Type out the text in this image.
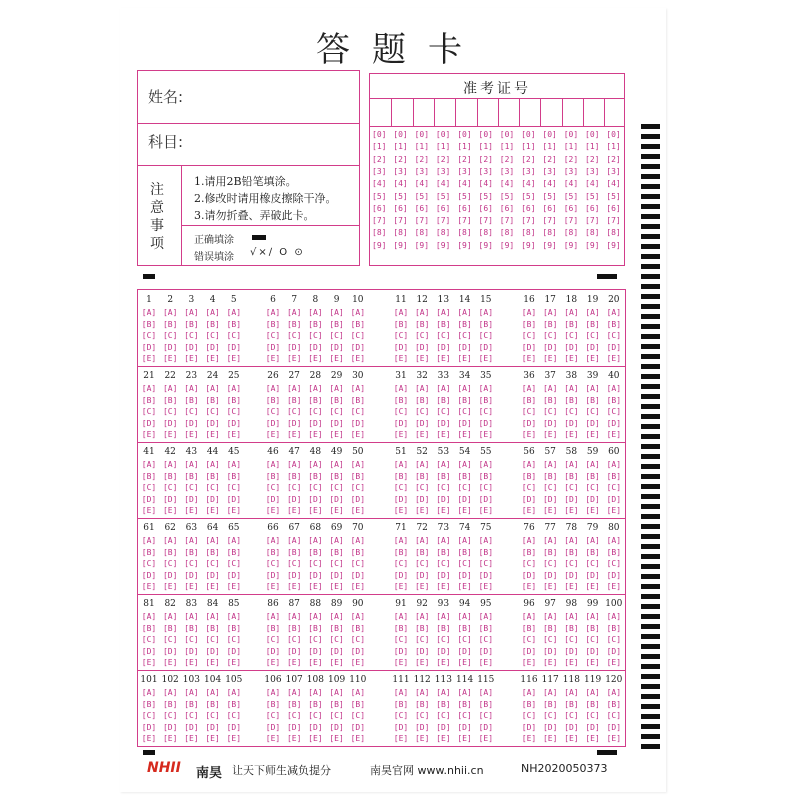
答题卡
姓名:
科目:
注
意
事
项
1.请用2B铅笔填涂。
2.修改时请用橡皮擦除干净。
3.请勿折叠、弄破此卡。
正确填涂
错误填涂 √×∕ O ⊙
准考证号
[0]
[1]
[2]
[3]
[4]
[5]
[6]
[7]
[8]
[9]
[0]
[1]
[2]
[3]
[4]
[5]
[6]
[7]
[8]
[9]
[0]
[1]
[2]
[3]
[4]
[5]
[6]
[7]
[8]
[9]
[0]
[1]
[2]
[3]
[4]
[5]
[6]
[7]
[8]
[9]
[0]
[1]
[2]
[3]
[4]
[5]
[6]
[7]
[8]
[9]
[0]
[1]
[2]
[3]
[4]
[5]
[6]
[7]
[8]
[9]
[0]
[1]
[2]
[3]
[4]
[5]
[6]
[7]
[8]
[9]
[0]
[1]
[2]
[3]
[4]
[5]
[6]
[7]
[8]
[9]
[0]
[1]
[2]
[3]
[4]
[5]
[6]
[7]
[8]
[9]
[0]
[1]
[2]
[3]
[4]
[5]
[6]
[7]
[8]
[9]
[0]
[1]
[2]
[3]
[4]
[5]
[6]
[7]
[8]
[9]
[0]
[1]
[2]
[3]
[4]
[5]
[6]
[7]
[8]
[9]
1
[A]
[B]
[C]
[D]
[E]
2
[A]
[B]
[C]
[D]
[E]
3
[A]
[B]
[C]
[D]
[E]
4
[A]
[B]
[C]
[D]
[E]
5
[A]
[B]
[C]
[D]
[E]
6
[A]
[B]
[C]
[D]
[E]
7
[A]
[B]
[C]
[D]
[E]
8
[A]
[B]
[C]
[D]
[E]
9
[A]
[B]
[C]
[D]
[E]
10
[A]
[B]
[C]
[D]
[E]
11
[A]
[B]
[C]
[D]
[E]
12
[A]
[B]
[C]
[D]
[E]
13
[A]
[B]
[C]
[D]
[E]
14
[A]
[B]
[C]
[D]
[E]
15
[A]
[B]
[C]
[D]
[E]
16
[A]
[B]
[C]
[D]
[E]
17
[A]
[B]
[C]
[D]
[E]
18
[A]
[B]
[C]
[D]
[E]
19
[A]
[B]
[C]
[D]
[E]
20
[A]
[B]
[C]
[D]
[E]
21
[A]
[B]
[C]
[D]
[E]
22
[A]
[B]
[C]
[D]
[E]
23
[A]
[B]
[C]
[D]
[E]
24
[A]
[B]
[C]
[D]
[E]
25
[A]
[B]
[C]
[D]
[E]
26
[A]
[B]
[C]
[D]
[E]
27
[A]
[B]
[C]
[D]
[E]
28
[A]
[B]
[C]
[D]
[E]
29
[A]
[B]
[C]
[D]
[E]
30
[A]
[B]
[C]
[D]
[E]
31
[A]
[B]
[C]
[D]
[E]
32
[A]
[B]
[C]
[D]
[E]
33
[A]
[B]
[C]
[D]
[E]
34
[A]
[B]
[C]
[D]
[E]
35
[A]
[B]
[C]
[D]
[E]
36
[A]
[B]
[C]
[D]
[E]
37
[A]
[B]
[C]
[D]
[E]
38
[A]
[B]
[C]
[D]
[E]
39
[A]
[B]
[C]
[D]
[E]
40
[A]
[B]
[C]
[D]
[E]
41
[A]
[B]
[C]
[D]
[E]
42
[A]
[B]
[C]
[D]
[E]
43
[A]
[B]
[C]
[D]
[E]
44
[A]
[B]
[C]
[D]
[E]
45
[A]
[B]
[C]
[D]
[E]
46
[A]
[B]
[C]
[D]
[E]
47
[A]
[B]
[C]
[D]
[E]
48
[A]
[B]
[C]
[D]
[E]
49
[A]
[B]
[C]
[D]
[E]
50
[A]
[B]
[C]
[D]
[E]
51
[A]
[B]
[C]
[D]
[E]
52
[A]
[B]
[C]
[D]
[E]
53
[A]
[B]
[C]
[D]
[E]
54
[A]
[B]
[C]
[D]
[E]
55
[A]
[B]
[C]
[D]
[E]
56
[A]
[B]
[C]
[D]
[E]
57
[A]
[B]
[C]
[D]
[E]
58
[A]
[B]
[C]
[D]
[E]
59
[A]
[B]
[C]
[D]
[E]
60
[A]
[B]
[C]
[D]
[E]
61
[A]
[B]
[C]
[D]
[E]
62
[A]
[B]
[C]
[D]
[E]
63
[A]
[B]
[C]
[D]
[E]
64
[A]
[B]
[C]
[D]
[E]
65
[A]
[B]
[C]
[D]
[E]
66
[A]
[B]
[C]
[D]
[E]
67
[A]
[B]
[C]
[D]
[E]
68
[A]
[B]
[C]
[D]
[E]
69
[A]
[B]
[C]
[D]
[E]
70
[A]
[B]
[C]
[D]
[E]
71
[A]
[B]
[C]
[D]
[E]
72
[A]
[B]
[C]
[D]
[E]
73
[A]
[B]
[C]
[D]
[E]
74
[A]
[B]
[C]
[D]
[E]
75
[A]
[B]
[C]
[D]
[E]
76
[A]
[B]
[C]
[D]
[E]
77
[A]
[B]
[C]
[D]
[E]
78
[A]
[B]
[C]
[D]
[E]
79
[A]
[B]
[C]
[D]
[E]
80
[A]
[B]
[C]
[D]
[E]
81
[A]
[B]
[C]
[D]
[E]
82
[A]
[B]
[C]
[D]
[E]
83
[A]
[B]
[C]
[D]
[E]
84
[A]
[B]
[C]
[D]
[E]
85
[A]
[B]
[C]
[D]
[E]
86
[A]
[B]
[C]
[D]
[E]
87
[A]
[B]
[C]
[D]
[E]
88
[A]
[B]
[C]
[D]
[E]
89
[A]
[B]
[C]
[D]
[E]
90
[A]
[B]
[C]
[D]
[E]
91
[A]
[B]
[C]
[D]
[E]
92
[A]
[B]
[C]
[D]
[E]
93
[A]
[B]
[C]
[D]
[E]
94
[A]
[B]
[C]
[D]
[E]
95
[A]
[B]
[C]
[D]
[E]
96
[A]
[B]
[C]
[D]
[E]
97
[A]
[B]
[C]
[D]
[E]
98
[A]
[B]
[C]
[D]
[E]
99
[A]
[B]
[C]
[D]
[E]
100
[A]
[B]
[C]
[D]
[E]
101
[A]
[B]
[C]
[D]
[E]
102
[A]
[B]
[C]
[D]
[E]
103
[A]
[B]
[C]
[D]
[E]
104
[A]
[B]
[C]
[D]
[E]
105
[A]
[B]
[C]
[D]
[E]
106
[A]
[B]
[C]
[D]
[E]
107
[A]
[B]
[C]
[D]
[E]
108
[A]
[B]
[C]
[D]
[E]
109
[A]
[B]
[C]
[D]
[E]
110
[A]
[B]
[C]
[D]
[E]
111
[A]
[B]
[C]
[D]
[E]
112
[A]
[B]
[C]
[D]
[E]
113
[A]
[B]
[C]
[D]
[E]
114
[A]
[B]
[C]
[D]
[E]
115
[A]
[B]
[C]
[D]
[E]
116
[A]
[B]
[C]
[D]
[E]
117
[A]
[B]
[C]
[D]
[E]
118
[A]
[B]
[C]
[D]
[E]
119
[A]
[B]
[C]
[D]
[E]
120
[A]
[B]
[C]
[D]
[E]
NHII 南昊 让天下师生减负提分	南昊官网 www.nhii.cn	NH2020050373
